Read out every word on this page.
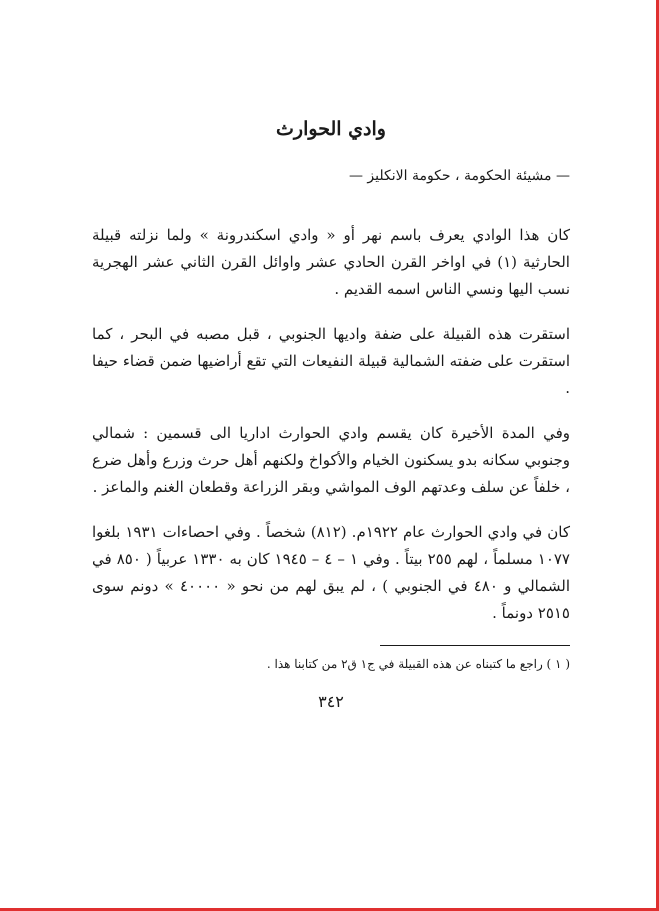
وادي الحوارث
— مشيئة الحكومة ، حكومة الانكليز —

كان هذا الوادي يعرف باسم نهر أو « وادي اسكندرونة » ولما نزلته قبيلة الحارثية (١) في اواخر القرن الحادي عشر واوائل القرن الثاني عشر الهجرية نسب اليها ونسي الناس اسمه القديم .

استقرت هذه القبيلة على ضفة واديها الجنوبي ، قبل مصبه في البحر ، كما استقرت على ضفته الشمالية قبيلة النفيعات التي تقع أراضيها ضمن قضاء حيفا .

وفي المدة الأخيرة كان يقسم وادي الحوارث اداريا الى قسمين : شمالي وجنوبي سكانه بدو يسكنون الخيام والأكواخ ولكنهم أهل حرث وزرع وأهل ضرع ، خلفاً عن سلف وعدتهم الوف المواشي وبقر الزراعة وقطعان الغنم والماعز .

كان في وادي الحوارث عام ١٩٢٢م. (٨١٢) شخصاً . وفي احصاءات ١٩٣١ بلغوا ١٠٧٧ مسلماً ، لهم ٢٥٥ بيتاً . وفي ١ – ٤ – ١٩٤٥ كان به ١٣٣٠ عربياً ( ٨٥٠ في الشمالي و ٤٨٠ في الجنوبي ) ، لم يبق لهم من نحو « ٤٠٠٠٠ » دونم سوى ٢٥١٥ دونماً .

( ١ ) راجع ما كتبناه عن هذه القبيلة في ج١ ق٢ من كتابنا هذا .

٣٤٢
